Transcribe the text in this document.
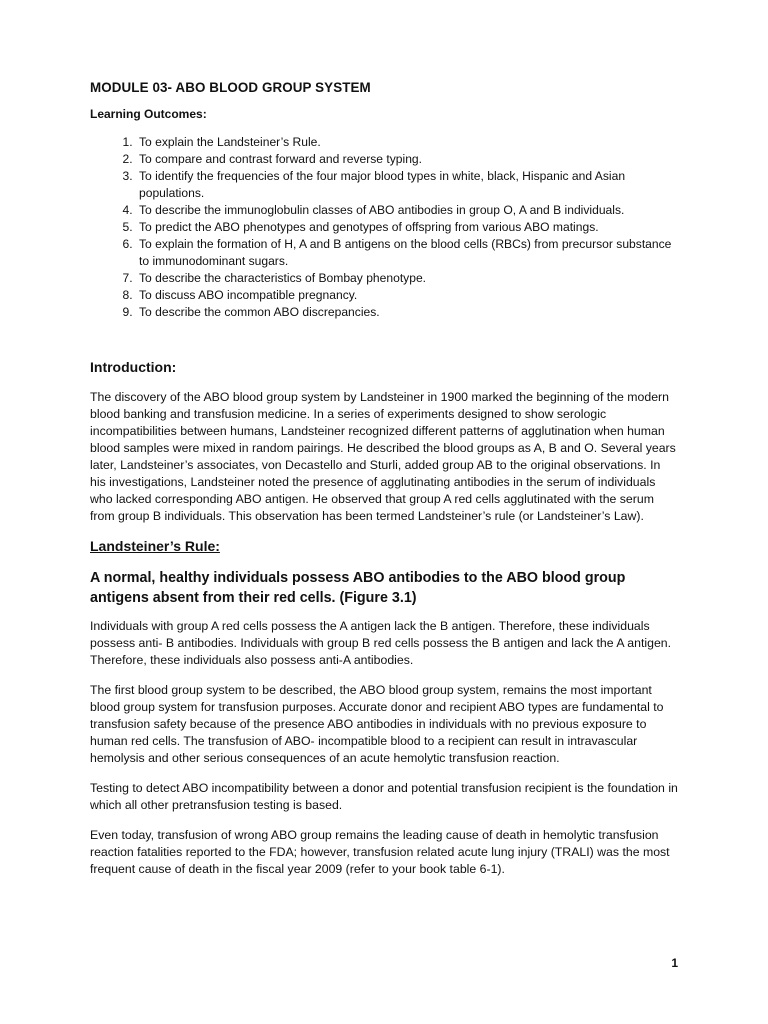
MODULE 03- ABO BLOOD GROUP SYSTEM
Learning Outcomes:
1. To explain the Landsteiner’s Rule.
2. To compare and contrast forward and reverse typing.
3. To identify the frequencies of the four major blood types in white, black, Hispanic and Asian populations.
4. To describe the immunoglobulin classes of ABO antibodies in group O, A and B individuals.
5. To predict the ABO phenotypes and genotypes of offspring from various ABO matings.
6. To explain the formation of H, A and B antigens on the blood cells (RBCs) from precursor substance to immunodominant sugars.
7. To describe the characteristics of Bombay phenotype.
8. To discuss ABO incompatible pregnancy.
9. To describe the common ABO discrepancies.
Introduction:

The discovery of the ABO blood group system by Landsteiner in 1900 marked the beginning of the modern blood banking and transfusion medicine. In a series of experiments designed to show serologic incompatibilities between humans, Landsteiner recognized different patterns of agglutination when human blood samples were mixed in random pairings. He described the blood groups as A, B and O. Several years later, Landsteiner’s associates, von Decastello and Sturli, added group AB to the original observations. In his investigations, Landsteiner noted the presence of agglutinating antibodies in the serum of individuals who lacked corresponding ABO antigen. He observed that group A red cells agglutinated with the serum from group B individuals. This observation has been termed Landsteiner’s rule (or Landsteiner’s Law).

Landsteiner’s Rule:
A normal, healthy individuals possess ABO antibodies to the ABO blood group antigens absent from their red cells. (Figure 3.1)

Individuals with group A red cells possess the A antigen lack the B antigen. Therefore, these individuals possess anti- B antibodies. Individuals with group B red cells possess the B antigen and lack the A antigen. Therefore, these individuals also possess anti-A antibodies.

The first blood group system to be described, the ABO blood group system, remains the most important blood group system for transfusion purposes. Accurate donor and recipient ABO types are fundamental to transfusion safety because of the presence ABO antibodies in individuals with no previous exposure to human red cells. The transfusion of ABO- incompatible blood to a recipient can result in intravascular hemolysis and other serious consequences of an acute hemolytic transfusion reaction.

Testing to detect ABO incompatibility between a donor and potential transfusion recipient is the foundation in which all other pretransfusion testing is based.

Even today, transfusion of wrong ABO group remains the leading cause of death in hemolytic transfusion reaction fatalities reported to the FDA; however, transfusion related acute lung injury (TRALI) was the most frequent cause of death in the fiscal year 2009 (refer to your book table 6-1).

1
